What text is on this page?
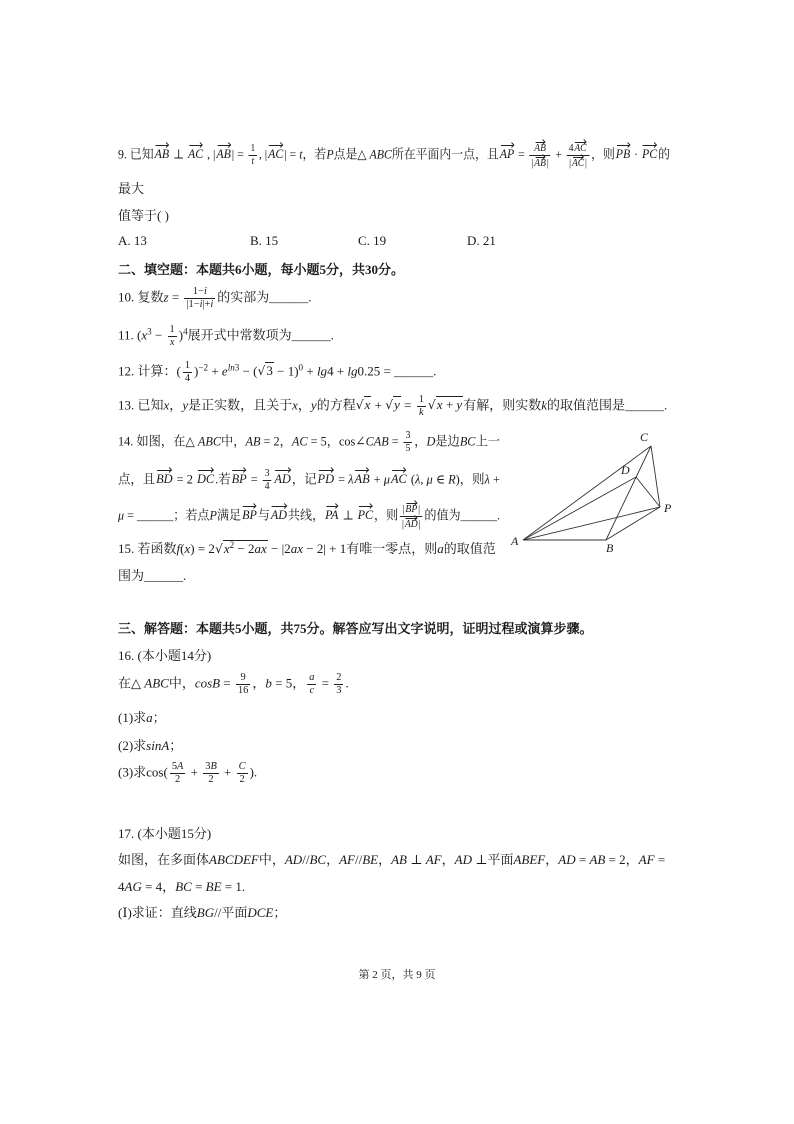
9. 已知AB ⊥ AC , $|AB| = \frac{1}{t}$ , |AC| = t，若P点是△ ABC所在平面内一点，且AP = $\frac{AB}{|AB|} + \frac{4AC}{|AC|}$ ，则PB · PC的
最大
值等于( )
A. 13	B. 15	C. 19	D. 21
二、填空题：本题共6小题，每小题5分，共30分。
10. 复数$z = \frac{1-i}{|1-i|+i}$ 的实部为______.
11. $(x^3 - \frac{1}{x} )^4$展开式中常数项为______.
12. 计算：( $\frac{1}{4} )^{-2} + e^{ln3}$ − ( √ 3 − 1)$^0$ + lg4 + lg0.25 = ______.
13. 已知x，y是正实数，且关于x，y的方程 √ x + √ $y = \frac{1}{k}$ √ x + y有解，则实数k的取值范围是______.
14. 如图，在△ ABC中，AB = 2，AC = 5，cos∠CAB = $\frac{3}{5}$ ，D是边BC上一
点，且BD = 2 DC.若BP = $\frac{3}{4}$ AD，记PD = λAB + μAC (λ, μ ∈ R)，则λ +
μ = ______；若点P满足BP与AD共线，PA ⊥ PC，则 $\frac{|BP|}{|AD|}$ 的值为______.
15. 若函数f(x) = 2 √ $x^2 - 2ax - |2ax - 2| + 1$有唯一零点，则a的取值范
围为______.
A	B
C
D
P
三、解答题：本题共5小题，共75分。解答应写出文字说明，证明过程或演算步骤。
16. (本小题14分)
在△ ABC中，$\cos B = \frac{9}{16}$ ，b = 5， $\frac{a}{c} = \frac{2}{3}$ .
(1)求a；
(2)求sinA；
(3)求$\cos( \frac{5A}{2} + \frac{3B}{2} + \frac{C}{2}$ ).
17. (本小题15分)
如图，在多面体ABCDEF中，AD//BC，AF//BE，AB ⊥ AF，AD ⊥平面ABEF，AD = AB = 2，AF =
4AG = 4，BC = BE = 1.
(Ⅰ)求证：直线BG//平面DCE；
第 2 页，共 9 页
